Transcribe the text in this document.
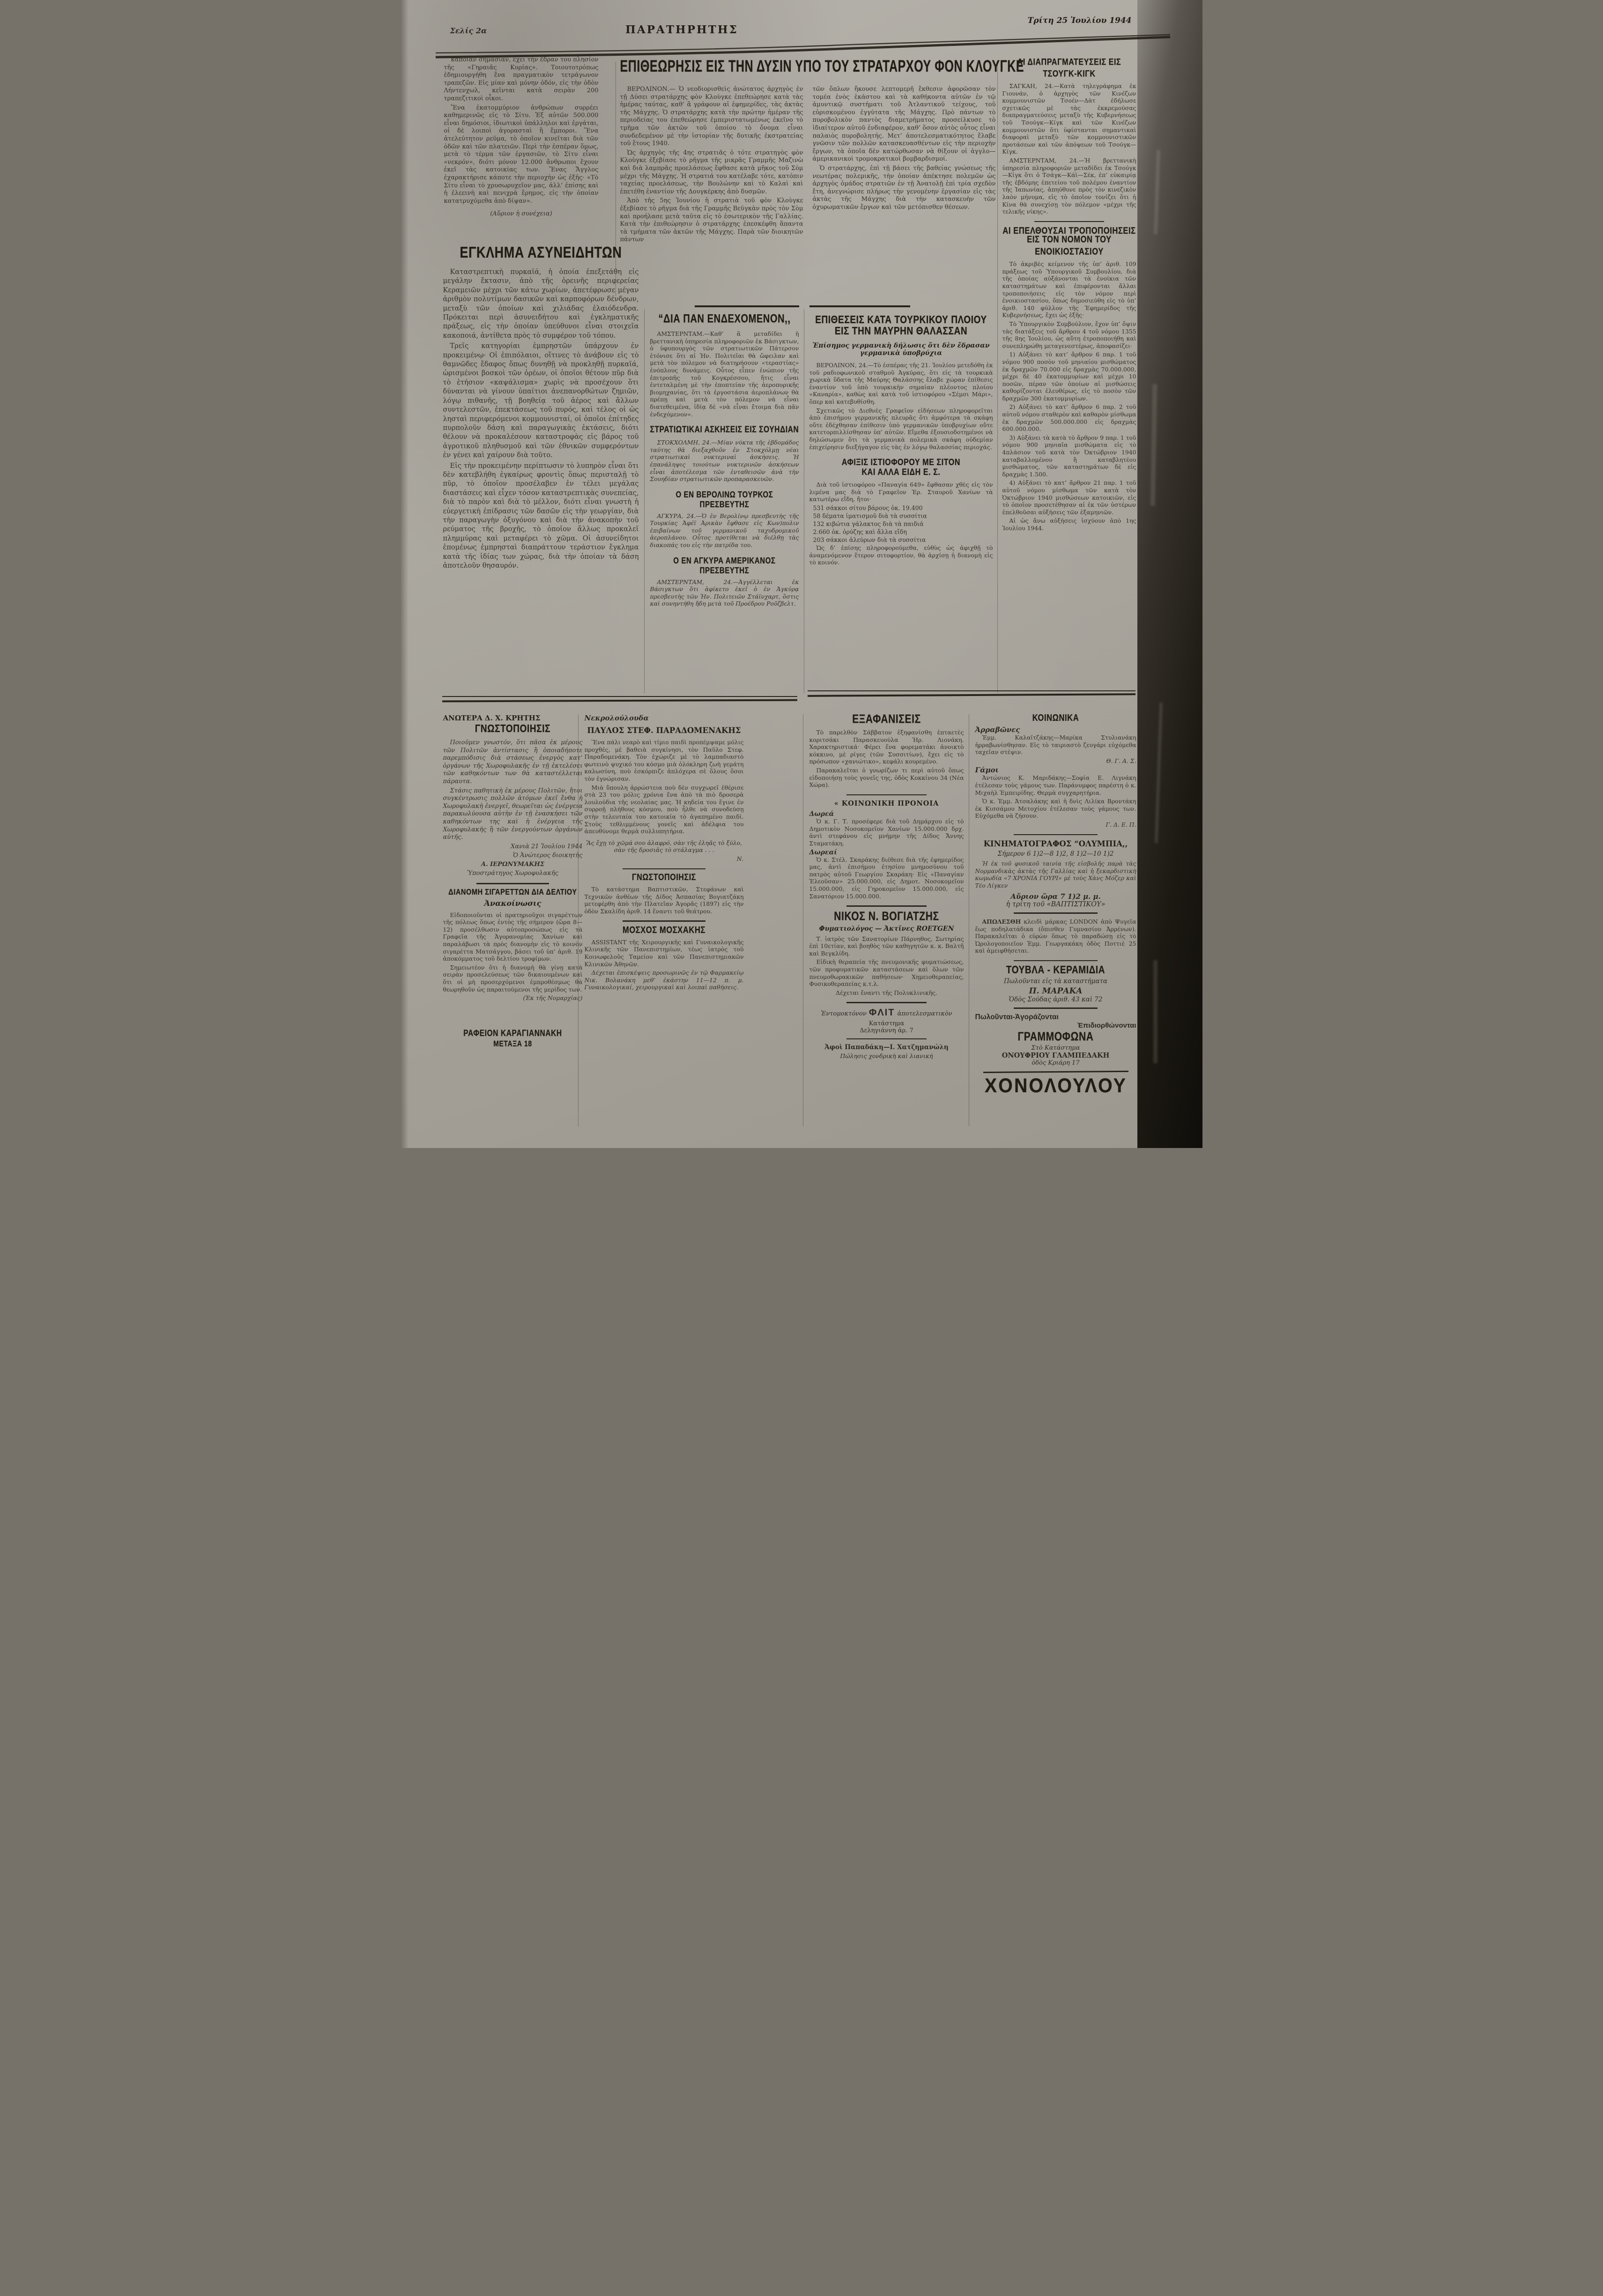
Σελίς 2α	ΠΑΡΑΤΗΡΗΤΗΣ
Τρίτη 25 Ἰουλίου 1944

κάποιαν σημασίαν, ἔχει τὴν ἕδραν του πλησίον τῆς «Γηραιᾶς Κυρίας». Τοιουτοτρόπως ἐδημιουργήθη ἕνα πραγματικὸν τετράγωνον τραπεζῶν. Εἰς μίαν καὶ μόνην ὁδόν, εἰς τὴν ὁδὸν Λήντενχωλ, κεῖνται κατὰ σειρὰν 200 τραπεζιτικοὶ οἶκοι.

Ἕνα ἑκατομμύριον ἀνθρώπων συρρέει καθημερινῶς εἰς τὸ Σίτυ. Ἐξ αὐτῶν 500.000 εἶναι δημόσιοι, ἰδιωτικοὶ ὑπάλληλοι καὶ ἐργάται, οἱ δὲ λοιποὶ ἀγορασταὶ ἢ ἔμποροι. Ἕνα ἀτελεύτητον ρεῦμα, τὸ ὁποῖον κινεῖται διὰ τῶν ὁδῶν καὶ τῶν πλατειῶν. Περὶ τὴν ἑσπέραν ὅμως, μετὰ τὸ τέρμα τῶν ἐργασιῶν, τὸ Σίτυ εἶναι «νεκρόν», διότι μόνον 12.000 ἄνθρωποι ἔχουν ἐκεῖ τὰς κατοικίας των. Ἕνας Ἄγγλος ἐχαρακτήρισε κάποτε τὴν περιοχὴν ὡς ἑξῆς· «Τὸ Σίτυ εἶναι τὸ χρυσωρυχεῖον μας, ἀλλ’ ἐπίσης καὶ ἡ ἐλεεινὴ καὶ πενιχρὰ ἔρημος, εἰς τὴν ὁποίαν κατατρυχόμεθα ἀπὸ δίψαν».

(Αὔριον ἡ συνέχεια)

ΕΠΙΘΕΩΡΗΣΙΣ ΕΙΣ ΤΗΝ ΔΥΣΙΝ ΥΠΟ ΤΟΥ ΣΤΡΑΤΑΡΧΟΥ ΦΟΝ ΚΛΟΥΓΚΕ

ΒΕΡΟΛΙΝΟΝ.— Ὁ νεοδιορισθεὶς ἀνώτατος ἀρχηγὸς ἐν τῇ Δύσει στρατάρχης φὸν Κλοὺγκε ἐπεθεώρησε κατὰ τὰς ἡμέρας ταύτας, καθ’ ἃ γράφουν αἱ ἐφημερίδες, τὰς ἀκτὰς τῆς Μάγχης. Ὁ στρατάρχης κατὰ τὴν πρώτην ἡμέραν τῆς περιοδείας του ἐπεθεώρησε ἐμπεριστατωμένως ἐκεῖνο τὸ τμῆμα τῶν ἀκτῶν τοῦ ὁποίου τὸ ὄνομα εἶναι συνδεδεμένον μὲ τὴν ἱστορίαν τῆς δυτικῆς ἐκστρατείας τοῦ ἔτους 1940.

Ὡς ἀρχηγὸς τῆς 4ης στρατιᾶς ὁ τότε στρατηγὸς φὸν Κλοὺγκε ἐξεβίασε τὸ ρῆγμα τῆς μικρᾶς Γραμμῆς Μαζινὼ καὶ διὰ λαμπρᾶς προελάσεως ἔφθασε κατὰ μῆκος τοῦ Σὸμ μέχρι τῆς Μάγχης. Ἡ στρατιά του κατέλαβε τότε, κατόπιν ταχείας προελάσεως, τὴν Βουλώνην καὶ τὸ Καλαὶ καὶ ἐπετέθη ἐναντίον τῆς Δουγκέρκης ἀπὸ δυσμῶν.

Ἀπὸ τῆς 5ης Ἰουνίου ἡ στρατιὰ τοῦ φὸν Κλοὺγκε ἐξεβίασε τὸ ρῆγμα διὰ τῆς Γραμμῆς Βεϋγκὰν πρὸς τὸν Σὸμ καὶ προήλασε μετὰ ταῦτα εἰς τὸ ἐσωτερικὸν τῆς Γαλλίας. Κατὰ τὴν ἐπιθεώρησιν ὁ στρατάρχης ἐπεσκέφθη ἅπαντα τὰ τμήματα τῶν ἀκτῶν τῆς Μάγχης. Παρὰ τῶν διοικητῶν πάντων

τῶν ὅπλων ἤκουσε λεπτομερῆ ἔκθεσιν ἀφορῶσαν τὸν τομέα ἑνὸς ἑκάστου καὶ τὰ καθήκοντα αὐτῶν ἐν τῷ ἀμυντικῷ συστήματι τοῦ Ἀτλαντικοῦ τείχους, τοῦ εὑρισκομένου ἐγγύτατα τῆς Μάγχης. Πρὸ πάντων τὸ πυροβολικὸν παντὸς διαμετρήματος προσείλκυσε τὸ ἰδιαίτερον αὐτοῦ ἐνδιαφέρον, καθ’ ὅσον αὐτὸς οὗτος εἶναι παλαιὸς πυροβολητής. Μετ’ ἀποτελεσματικότητος ἔλαβε γνῶσιν τῶν πολλῶν κατασκευασθέντων εἰς τὴν περιοχὴν ἔργων, τὰ ὁποῖα δὲν κατώρθωσαν νὰ θίξουν οἱ ἀγγλο—ἀμερικανικοὶ τρομοκρατικοὶ βομβαρδισμοί.

Ὁ στρατάρχης, ἐπὶ τῇ βάσει τῆς βαθείας γνώσεως τῆς νεωτέρας πολεμικῆς, τὴν ὁποίαν ἀπέκτησε πολεμῶν ὡς ἀρχηγὸς ὁμάδος στρατιῶν ἐν τῇ Ἀνατολῇ ἐπὶ τρία σχεδὸν ἔτη, ἀνεγνώρισε πλήρως τὴν γενομένην ἐργασίαν εἰς τὰς ἀκτὰς τῆς Μάγχης διὰ τὴν κατασκευὴν τῶν ὀχυρωματικῶν ἔργων καὶ τῶν μετόπισθεν θέσεων.

ΑΙ ΔΙΑΠΡΑΓΜΑΤΕΥΣΕΙΣ ΕΙΣ ΤΣΟΥΓΚ-ΚΙΓΚ

ΣΑΓΚΑΗ, 24.—Κατὰ τηλεγράφημα ἐκ Γιουνάν, ὁ ἀρχηγὸς τῶν Κινέζων κομμουνιστῶν Τσοέν—Δὰτ ἐδήλωσε σχετικῶς μὲ τὰς ἐκκρεμούσας διαπραγματεύσεις μεταξὺ τῆς Κυβερνήσεως τοῦ Τσούγκ—Κίγκ καὶ τῶν Κινέζων κομμουνιστῶν ὅτι ὑφίστανται σημαντικαὶ διαφοραὶ μεταξὺ τῶν κομμουνιστικῶν προτάσεων καὶ τῶν ἀπόψεων τοῦ Τσούγκ—Κίγκ.

ΑΜΣΤΕΡΝΤΑΜ, 24.—Ἡ βρεττανικὴ ὑπηρεσία πληροφοριῶν μεταδίδει ἐκ Τσούγκ—Κίγκ ὅτι ὁ Τσάγκ—Κάϊ—Σέκ, ἐπ’ εὐκαιρίᾳ τῆς ἑβδόμης ἐπετείου τοῦ πολέμου ἐναντίον τῆς Ἰαπωνίας, ἀπηύθυνε πρὸς τὸν κινεζικὸν λαὸν μήνυμα, εἰς τὸ ὁποῖον τονίζει ὅτι ἡ Κίνα θὰ συνεχίσῃ τὸν πόλεμον «μέχρι τῆς τελικῆς νίκης».

ΑΙ ΕΠΕΛΘΟΥΣΑΙ ΤΡΟΠΟΠΟΙΗΣΕΙΣ
ΕΙΣ ΤΟΝ ΝΟΜΟΝ ΤΟΥ ΕΝΟΙΚΙΟΣΤΑΣΙΟΥ

Τὸ ἀκριβὲς κείμενον τῆς ὑπ’ ἀριθ. 109 πράξεως τοῦ Ὑπουργικοῦ Συμβουλίου, διὰ τῆς ὁποίας αὐξάνονται τὰ ἐνοίκια τῶν καταστημάτων καὶ ἐπιφέρονται ἄλλαι τροποποιήσεις εἰς τὸν νόμον περὶ ἐνοικιοστασίου, ὅπως δημοσιεύθη εἰς τὸ ὑπ’ ἀριθ. 140 φύλλον τῆς Ἐφημερίδος τῆς Κυβερνήσεως, ἔχει ὡς ἑξῆς·

Τὸ Ὑπουργικὸν Συμβούλιον, ἔχον ὑπ’ ὄψιν τὰς διατάξεις τοῦ ἄρθρου 4 τοῦ νόμου 1355 τῆς 8ης Ἰουλίου, ὡς αὕτη ἐτροποποιήθη καὶ συνεπληρώθη μεταγενεστέρως, ἀποφασίζει·

1) Αὐξάνει τὸ κατ’ ἄρθρον 6 παρ. 1 τοῦ νόμου 900 ποσὸν τοῦ μηνιαίου μισθώματος ἐκ δραχμῶν 70.000 εἰς δραχμὰς 70.000.000, μέχρι δὲ 40 ἑκατομμυρίων καὶ μέχρι 10 ποσῶν, πέραν τῶν ὁποίων αἱ μισθώσεις καθορίζονται ἐλευθέρως, εἰς τὸ ποσὸν τῶν δραχμῶν 300 ἑκατομμυρίων.

2) Αὐξάνει τὸ κατ’ ἄρθρον 6 παρ. 2 τοῦ αὐτοῦ νόμου σταθερὸν καὶ καθαρὸν μίσθωμα ἐκ δραχμῶν 500.000.000 εἰς δραχμὰς 600.000.000.

3) Αὐξάνει τὰ κατὰ τὸ ἄρθρον 9 παρ. 1 τοῦ νόμου 900 μηνιαῖα μισθώματα εἰς τὸ 4πλάσιον τοῦ κατὰ τὸν Ὀκτώβριον 1940 καταβαλλομένου ἢ καταβλητέου μισθώματος, τῶν καταστημάτων δὲ εἰς δραχμὰς 1.500.

4) Αὐξάνει τὸ κατ’ ἄρθρον 21 παρ. 1 τοῦ αὐτοῦ νόμου μίσθωμα τῶν κατὰ τὸν Ὀκτώβριον 1940 μισθώσεων κατοικιῶν, εἰς τὸ ὁποῖον προσετέθησαν αἱ ἐκ τῶν ὑστέρων ἐπελθοῦσαι αὐξήσεις τῶν ἑξαμηνιῶν.

Αἱ ὡς ἄνω αὐξήσεις ἰσχύουν ἀπὸ 1ης Ἰουλίου 1944.

ΕΓΚΛΗΜΑ ΑΣΥΝΕΙΔΗΤΩΝ

Καταστρεπτικὴ πυρκαϊά, ἡ ὁποία ἐπεξετάθη εἰς μεγάλην ἔκτασιν, ἀπὸ τῆς ὀρεινῆς περιφερείας Κεραμειῶν μέχρι τῶν κάτω χωρίων, ἀπετέφρωσε μέγαν ἀριθμὸν πολυτίμων δασικῶν καὶ καρποφόρων δένδρων, μεταξὺ τῶν ὁποίων καὶ χιλιάδας ἐλαιόδενδρα. Πρόκειται περὶ ἀσυνειδήτου καὶ ἐγκληματικῆς πράξεως, εἰς τὴν ὁποίαν ὑπεύθυνοι εἶναι στοιχεῖα κακοποιά, ἀντίθετα πρὸς τὸ συμφέρον τοῦ τόπου.

Τρεῖς κατηγορίαι ἐμπρηστῶν ὑπάρχουν ἐν προκειμένῳ· Οἱ ἐπιπόλαιοι, οἵτινες τὸ ἀνάβουν εἰς τὸ θαμνῶδες ἔδαφος ὅπως δυνηθῇ νὰ προκληθῇ πυρκαϊά, ὡρισμένοι βοσκοὶ τῶν ὀρέων, οἱ ὁποῖοι θέτουν πῦρ διὰ τὸ ἐτήσιον «καψάλισμα» χωρὶς νὰ προσέχουν ὅτι δύνανται νὰ γίνουν ὑπαίτιοι ἀνεπανορθώτων ζημιῶν, λόγῳ πιθανῆς, τῇ βοηθείᾳ τοῦ ἀέρος καὶ ἄλλων συντελεστῶν, ἐπεκτάσεως τοῦ πυρός, καὶ τέλος οἱ ὡς λησταὶ περιφερόμενοι κομμουνισταί, οἱ ὁποῖοι ἐπίτηδες πυρπολοῦν δάση καὶ παραγωγικὰς ἐκτάσεις, διότι θέλουν νὰ προκαλέσουν καταστροφὰς εἰς βάρος τοῦ ἀγροτικοῦ πληθυσμοῦ καὶ τῶν ἐθνικῶν συμφερόντων ἐν γένει καὶ χαίρουν διὰ τοῦτο.

Εἰς τὴν προκειμένην περίπτωσιν τὸ λυπηρὸν εἶναι ὅτι δὲν κατεβλήθη ἐγκαίρως φροντὶς ὅπως περισταλῇ τὸ πῦρ, τὸ ὁποῖον προσέλαβεν ἐν τέλει μεγάλας διαστάσεις καὶ εἶχεν τόσον καταστρεπτικὰς συνεπείας, διὰ τὸ παρὸν καὶ διὰ τὸ μέλλον, διότι εἶναι γνωστὴ ἡ εὐεργετικὴ ἐπίδρασις τῶν δασῶν εἰς τὴν γεωργίαν, διὰ τὴν παραγωγὴν ὀξυγόνου καὶ διὰ τὴν ἀνακοπὴν τοῦ ρεύματος τῆς βροχῆς, τὸ ὁποῖον ἄλλως προκαλεῖ πλημμύρας καὶ μεταφέρει τὸ χῶμα. Οἱ ἀσυνείδητοι ἑπομένως ἐμπρησταὶ διαπράττουν τεράστιον ἔγκλημα κατὰ τῆς ἰδίας των χώρας, διὰ τὴν ὁποίαν τὰ δάση ἀποτελοῦν θησαυρόν.

“ΔΙΑ ΠΑΝ ΕΝΔΕΧΟΜΕΝΟΝ,,

ΑΜΣΤΕΡΝΤΑΜ.—Καθ’ ἃ μεταδίδει ἡ βρεττανικὴ ὑπηρεσία πληροφοριῶν ἐκ Βάσιγκτων, ὁ ὑφυπουργὸς τῶν στρατιωτικῶν Πάτερσον ἐτόνισε ὅτι αἱ Ἡν. Πολιτεῖαι θὰ ὤφειλαν καὶ μετὰ τὸν πόλεμον νὰ διατηρήσουν «τεραστίας» ἐνόπλους δυνάμεις. Οὗτος εἶπεν ἐνώπιον τῆς ἐπιτροπῆς τοῦ Κογκρέσσου, ἥτις εἶναι ἐντεταλμένη μὲ τὴν ἐποπτείαν τῆς ἀεροπορικῆς βιομηχανίας, ὅτι τὰ ἐργοστάσια ἀεροπλάνων θὰ πρέπῃ καὶ μετὰ τὸν πόλεμον νὰ εἶναι διατεθειμένα, ἰδίᾳ δὲ «νὰ εἶναι ἕτοιμα διὰ πᾶν ἐνδεχόμενον».

ΣΤΡΑΤΙΩΤΙΚΑΙ ΑΣΚΗΣΕΙΣ ΕΙΣ ΣΟΥΗΔΙΑΝ

ΣΤΟΚΧΟΛΜΗ, 24.—Μίαν νύκτα τῆς ἑβδομάδος ταύτης θὰ διεξαχθοῦν ἐν Στοκχόλμῃ νέαι στρατιωτικαὶ νυκτεριναὶ ἀσκήσεις. Ἡ ἐπανάληψις τοιούτων νυκτερινῶν ἀσκήσεων εἶναι ἀποτέλεσμα τῶν ἐνταθεισῶν ἀνὰ τὴν Σουηδίαν στρατιωτικῶν προπαρασκευῶν.

Ο ΕΝ ΒΕΡΟΛΙΝΩ ΤΟΥΡΚΟΣ ΠΡΕΣΒΕΥΤΗΣ

ΑΓΚΥΡΑ, 24.—Ὁ ἐν Βερολίνῳ πρεσβευτὴς τῆς Τουρκίας Ἀφέϊ Ἀρικὰν ἔφθασε εἰς Κων)πολιν ἐπιβαίνων τοῦ γερμανικοῦ ταχυδρομικοῦ ἀεροπλάνου. Οὗτος προτίθεται νὰ διέλθῃ τὰς διακοπάς του εἰς τὴν πατρίδα του.

Ο ΕΝ ΑΓΚΥΡΑ ΑΜΕΡΙΚΑΝΟΣ ΠΡΕΣΒΕΥΤΗΣ

ΑΜΣΤΕΡΝΤΑΜ, 24.—Ἀγγέλλεται ἐκ Βάσιγκτων ὅτι ἀφίκετο ἐκεῖ ὁ ἐν Ἀγκύρᾳ πρεσβευτὴς τῶν Ἡν. Πολιτειῶν Στάϊνχαρτ, ὅστις καὶ συνηντήθη ἤδη μετὰ τοῦ Προέδρου Ροῦζβελτ.

ΕΠΙΘΕΣΕΙΣ ΚΑΤΑ ΤΟΥΡΚΙΚΟΥ ΠΛΟΙΟΥ
ΕΙΣ ΤΗΝ ΜΑΥΡΗΝ ΘΑΛΑΣΣΑΝ
Ἐπίσημος γερμανικὴ δήλωσις ὅτι δὲν ἔδρασαν γερμανικὰ ὑποβρύχια

ΒΕΡΟΛΙΝΟΝ, 24.—Τὸ ἑσπέρας τῆς 21. Ἰουλίου μετεδόθη ἐκ τοῦ ραδιοφωνικοῦ σταθμοῦ Ἀγκύρας, ὅτι εἰς τὰ τουρκικὰ χωρικὰ ὕδατα τῆς Μαύρης Θαλάσσης ἔλαβε χώραν ἐπίθεσις ἐναντίον τοῦ ὑπὸ τουρκικὴν σημαίαν πλέοντος πλοίου «Καναρία», καθὼς καὶ κατὰ τοῦ ἱστιοφόρου «Σέμσι Μάρι», ὅπερ καὶ κατεβυθίσθη.

Σχετικῶς τὸ Διεθνὲς Γραφεῖον εἰδήσεων πληροφορεῖται ἀπὸ ἐπισήμου γερμανικῆς πλευρᾶς ὅτι ἀμφότερα τὰ σκάφη οὔτε ἐδέχθησαν ἐπίθεσιν ὑπὸ γερμανικῶν ὑποβρυχίων οὔτε κατετορπιλλίσθησαν ὑπ’ αὐτῶν. Εἴμεθα ἐξουσιοδοτημένοι νὰ δηλώσωμεν ὅτι τὰ γερμανικὰ πολεμικὰ σκάφη οὐδεμίαν ἐπιχείρησιν διεξήγαγον εἰς τὰς ἐν λόγῳ θαλασσίας περιοχάς.

ΑΦΙΞΙΣ ΙΣΤΙΟΦΟΡΟΥ ΜΕ ΣΙΤΟΝ
ΚΑΙ ΑΛΛΑ ΕΙΔΗ Ε. Σ.

Διὰ τοῦ ἱστιοφόρου «Παναγία 649» ἔφθασαν χθὲς εἰς τὸν λιμένα μας διὰ τὸ Γραφεῖον Ἐρ. Σταυροῦ Χανίων τὰ κατωτέρω εἴδη, ἤτοι·

531 σάκκοι σίτου βάρους ὀκ. 19.400

58 δέματα ἱματισμοῦ διὰ τὰ συσσίτια

132 κιβώτια γάλακτος διὰ τὰ παιδιά

2.660 ὀκ. ὀρύζης καὶ ἄλλα εἴδη

203 σάκκοι ἀλεύρων διὰ τὰ συσσίτια

Ὡς δ’ ἐπίσης πληροφορούμεθα, εὐθὺς ὡς ἀφιχθῇ τὸ ἀναμενόμενον ἕτερον σιτοφορτίον, θὰ ἀρχίσῃ ἡ διανομὴ εἰς τὸ κοινόν.

ΑΝΩΤΕΡΑ Δ. Χ. ΚΡΗΤΗΣ
ΓΝΩΣΤΟΠΟΙΗΣΙΣ

Ποιοῦμεν γνωστόν, ὅτι πᾶσα ἐκ μέρους τῶν Πολιτῶν ἀντίστασις ἢ ὁποιαδήποτε παρεμπόδισις διὰ στάσεως ἐνεργὸς κατ’ ὀργάνων τῆς Χωροφυλακῆς ἐν τῇ ἐκτελέσει τῶν καθηκόντων των θὰ καταστέλλεται πάραυτα.

Στάσις παθητικὴ ἐκ μέρους Πολιτῶν, ἤτοι συγκέντρωσις πολλῶν ἀτόμων ἐκεῖ ἔνθα ἡ Χωροφυλακὴ ἐνεργεῖ, θεωρεῖται ὡς ἐνέργεια παρακωλύουσα αὐτὴν ἐν τῇ ἐνασκήσει τῶν καθηκόντων της καὶ ἡ ἐνέργεια τῆς Χωροφυλακῆς ἢ τῶν ἐνεργούντων ὀργάνων αὐτῆς.

Χανιὰ 21 Ἰουλίου 1944

Ὁ Ἀνώτερος διοικητὴς

Α. ΙΕΡΩΝΥΜΑΚΗΣ

Ὑποστράτηγος Χωροφυλακῆς

ΔΙΑΝΟΜΗ ΣΙΓΑΡΕΤΤΩΝ ΔΙΑ ΔΕΛΤΙΟΥ
Ἀνακοίνωσις

Εἰδοποιοῦνται οἱ πρατηριοῦχοι σιγαρέττων τῆς πόλεως ὅπως ἐντὸς τῆς σήμερον (ὥρα 8—12) προσέλθωσιν αὐτοπροσώπως εἰς τὰ Γραφεῖα τῆς Ἀγορανομίας Χανίων καὶ παραλάβωσι τὰ πρὸς διανομὴν εἰς τὸ κοινὸν σιγαρέττα Ματσάγγου, βάσει τοῦ ὑπ’ ἀριθ. 19 ἀποκόμματος τοῦ δελτίου τροφίμων.

Σημειωτέον ὅτι ἡ διανομὴ θὰ γίνῃ κατὰ σειρὰν προσελεύσεως τῶν δικαιουμένων καὶ ὅτι οἱ μὴ προσερχόμενοι ἐμπροθέσμως θὰ θεωρηθοῦν ὡς παραιτούμενοι τῆς μερίδος των.

(Ἐκ τῆς Νομαρχίας)

ΡΑΦΕΙΟΝ ΚΑΡΑΓΙΑΝΝΑΚΗ
ΜΕΤΑΞΑ 18
Νεκρολούλουδα
ΠΑΥΛΟΣ ΣΤΕΦ. ΠΑΡΑΔΟΜΕΝΑΚΗΣ

Ἕνα πάλι νεαρὸ καὶ τίμιο παιδὶ προπέμψαμε μόλις προχθές, μὲ βαθειὰ συγκίνησι, τὸν Παῦλο Στεφ. Παραδομενάκη. Τὸν ἐχώριζε μὲ τὸ λαμπαδιαστὸ φωτεινὸ ψυχικό του κόσμο μιὰ ὁλόκληρη ζωὴ γεμάτη καλωσύνη, ποὺ ἐσκόρπιζε ἁπλόχερα σὲ ὅλους ὅσοι τὸν ἐγνώρισαν.

Μιὰ ὕπουλη ἀρρώστεια ποὺ δὲν συγχωρεῖ ἐθέρισε στὰ 23 του μόλις χρόνια ἕνα ἀπὸ τὰ πιὸ δροσερὰ λουλούδια τῆς νεολαίας μας. Ἡ κηδεία του ἔγινε ἐν συρροῇ πλήθους κόσμου, ποὺ ἦλθε νὰ συνοδεύσῃ στὴν τελευταία του κατοικία τὸ ἀγαπημένο παιδί. Στοὺς τεθλιμμένους γονεῖς καὶ ἀδέλφια του ἀπευθύνομε θερμὰ συλλυπητήρια.

Ἂς ἔχῃ τὸ χῶμά σου ἀλαφρό, σὰν τῆς ἐληᾶς τὸ ξύλο, σὰν τῆς δροσιᾶς τὸ στάλαγμα . . .

Ν.

ΓΝΩΣΤΟΠΟΙΗΣΙΣ

Τὸ κατάστημα Βαπτιστικῶν, Στεφάνων καὶ Τεχνικῶν ἀνθέων τῆς Δίδος Ἀσπασίας Βογιατζάκη μετεφέρθη ἀπὸ τὴν Πλατεῖαν Ἀγορᾶς (1897) εἰς τὴν ὁδὸν Σκαλίδη ἀριθ. 14 ἔναντι τοῦ θεάτρου.

ΜΟΣΧΟΣ ΜΟΣΧΑΚΗΣ

ASSISTANT τῆς Χειρουργικῆς καὶ Γυναικολογικῆς Κλινικῆς τῶν Πανεπιστημίων, τέως ἰατρὸς τοῦ Κοινωφελοῦς Ταμείου καὶ τῶν Πανεπιστημιακῶν Κλινικῶν Ἀθηνῶν.

Δέχεται ἐπισκέψεις προσωρινῶς ἐν τῷ Φαρμακείῳ Νικ. Βολανάκη μεθ’ ἑκάστην 11—12 π. μ. Γυναικολογικαί, χειρουργικαὶ καὶ λοιπαὶ παθήσεις.

ΕΞΑΦΑΝΙΣΕΙΣ

Τὸ παρελθὸν Σάββατον ἐξηφανίσθη ἑπταετὲς κοριτσάκι Παρασκευούλα Ἡρ. Λιονάκη. Χαρακτηριστικά· Φέρει ἕνα φορεματάκι ἀνοικτὸ κόκκινο, μὲ ρίγες (τῶν Συσσιτίων), ἔχει εἰς τὸ πρόσωπον «χανιώτικο», κεφάλι κουρεμένο.

Παρακαλεῖται ὁ γνωρίζων τι περὶ αὐτοῦ ὅπως εἰδοποιήσῃ τοὺς γονεῖς της, ὁδὸς Κοκκίνου 34 (Νέα Χώρα).

« ΚΟΙΝΩΝΙΚΗ ΠΡΟΝΟΙΑ
Δωρεά

Ὁ κ. Γ. Τ. προσέφερε διὰ τοῦ Δημάρχου εἰς τὸ Δημοτικὸν Νοσοκομεῖον Χανίων 15.000.000 δρχ. ἀντὶ στεφάνου εἰς μνήμην τῆς Δίδος Ἄννης Σταματάκη.

Δωρεαί

Ὁ κ. Στέλ. Σκαράκης διέθεσε διὰ τῆς ἐφημερίδος μας, ἀντὶ ἐπισήμου ἐτησίου μνημοσύνου τοῦ πατρὸς αὐτοῦ Γεωργίου Σκαράκη· Εἰς «Παναγίαν Ἐλεοῦσαν» 25.000.000, εἰς Δημοτ. Νοσοκομεῖον 15.000.000, εἰς Γηροκομεῖον 15.000.000, εἰς Σανατόριον 15.000.000.

ΝΙΚΟΣ Ν. ΒΟΓΙΑΤΖΗΣ
Φυματιολόγος — Ἀκτῖνες ROETGEN

Τ. ἰατρὸς τῶν Σανατορίων Πάρνηθος, Σωτηρίας ἐπὶ 10ετίαν, καὶ βοηθὸς τῶν καθηγητῶν κ. κ. Βαλτῆ καὶ Βεγκλίδη.

Εἰδικὴ θεραπεία τῆς πνευμονικῆς φυματιώσεως, τῶν προφυματικῶν καταστάσεων καὶ ὅλων τῶν πνευμοθωρακικῶν παθήσεων· Χημειοθεραπείας, Φυσικοθεραπείας κ.τ.λ.

Δέχεται ἔναντι τῆς Πολυκλινικῆς.

Ἐντομοκτόνον ΦΛΙΤ ἀποτελεσματικὸν
Κατάστημα
Δεληγιάννη ἀρ. 7
Ἀφοὶ Παπαδάκη—Ι. Χατζημανώλη
Πώλησις χονδρικὴ καὶ λιανική
ΚΟΙΝΩΝΙΚΑ
Ἀρραβῶνες

Ἐμμ. Καλαϊτζάκης—Μαρίκα Στυλιανάκη ἠρραβωνίσθησαν. Εἰς τὸ ταιριαστὸ ζευγάρι εὐχόμεθα ταχεῖαν στέψιν.

Θ. Γ. Α. Σ.

Γάμοι

Ἀντώνιος Κ. Μαριδάκης—Σοφία Ε. Λιγνάκη ἐτέλεσαν τοὺς γάμους των. Παράνυμφος παρέστη ὁ κ. Μιχαὴλ Ἐμπειρίδης. Θερμὰ συγχαρητήρια.

Ὁ κ. Ἐμμ. Ἀτσαλάκης καὶ ἡ δνὶς Λιλίκα Βροντάκη ἐκ Κισσάμου Μετοχίου ἐτέλεσαν τοὺς γάμους των. Εὐχόμεθα νὰ ζήσουν.

Γ. Δ. Ε. Π.

ΚΙΝΗΜΑΤΟΓΡΑΦΟΣ “ΟΛΥΜΠΙΑ,,
Σήμερον 6 1)2—8 1)2, 8 1)2—10 1)2

Ἡ ἐκ τοῦ φυσικοῦ ταινία τῆς εἰσβολῆς παρὰ τὰς Νορμανδικὰς ἀκτὰς τῆς Γαλλίας καὶ ἡ ξεκαρδιστικὴ κωμωδία «7 ΧΡΟΝΙΑ ΓΟΥΡΙ» μὲ τοὺς Χὰνς Μόζερ καὶ Τέο Λίγκεν

Αὔριον ὥρα 7 1)2 μ. μ.
ἡ τρίτη τοῦ «ΒΑΠΤΙΣΤΙΚΟΥ»

ΑΠΩΛΕΣΘΗ κλειδὶ μάρκας LONDON ἀπὸ Ψυγεῖα ἕως ποδηλατάδικα (ὄπισθεν Γυμνασίου Ἀρρένων). Παρακαλεῖται ὁ εὑρὼν ὅπως τὸ παραδώσῃ εἰς τὸ Ὡρολογοποιεῖον Ἐμμ. Γεωργακάκη ὁδὸς Ποττιὲ 25 καὶ ἀμειφθήσεται.

ΤΟΥΒΛΑ - ΚΕΡΑΜΙΔΙΑ
Πωλοῦνται εἰς τὰ καταστήματα
Π. ΜΑΡΑΚΑ
Ὁδὸς Σούδας ἀριθ. 43 καὶ 72
Πωλοῦνται-Ἀγοράζονται
Ἐπιδιορθώνονται
ΓΡΑΜΜΟΦΩΝΑ
Στὸ Κατάστημα
ΟΝΟΥΦΡΙΟΥ ΓΛΑΜΠΕΔΑΚΗ
ὁδὸς Κριάρη 17
ΧΟΝΟΛΟΥΛΟΥ
